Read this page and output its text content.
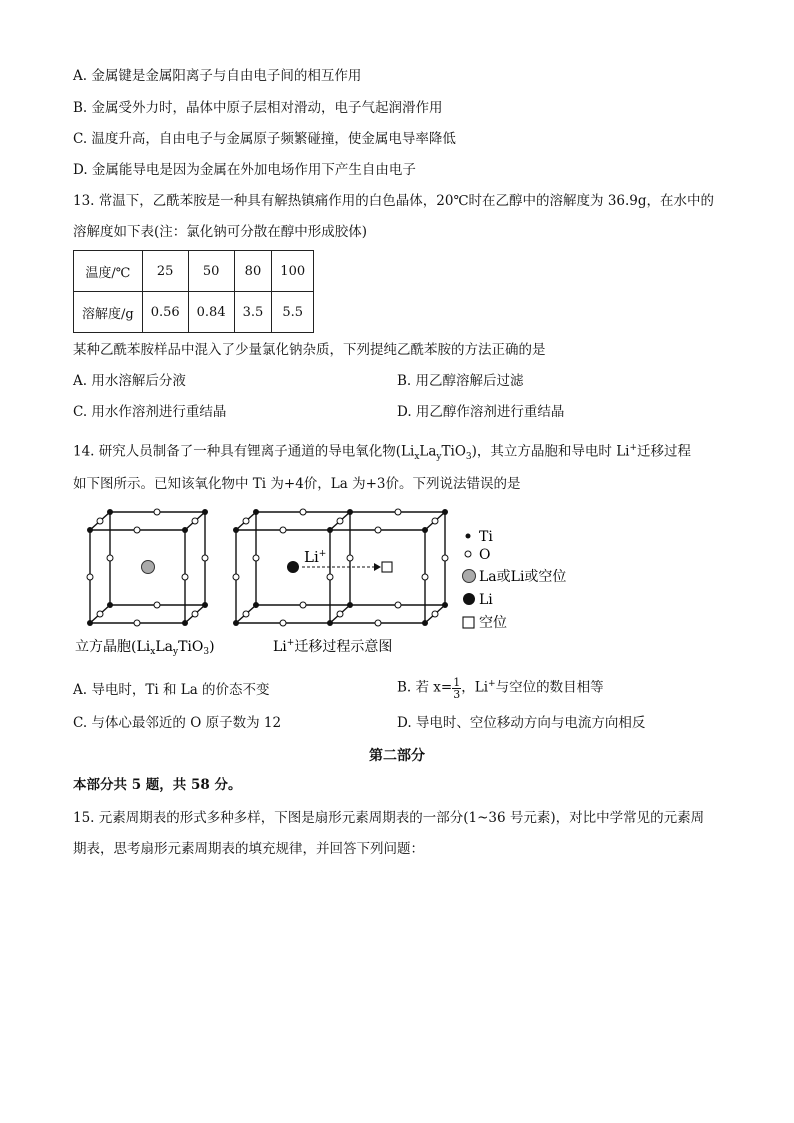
A. 金属键是金属阳离子与自由电子间的相互作用
B. 金属受外力时，晶体中原子层相对滑动，电子气起润滑作用
C. 温度升高，自由电子与金属原子频繁碰撞，使金属电导率降低
D. 金属能导电是因为金属在外加电场作用下产生自由电子
13. 常温下，乙酰苯胺是一种具有解热镇痛作用的白色晶体，20℃时在乙醇中的溶解度为 36.9g，在水中的
溶解度如下表(注：氯化钠可分散在醇中形成胶体)
温度/℃	25	50	80	100
溶解度/g	0.56	0.84	3.5	5.5
某种乙酰苯胺样品中混入了少量氯化钠杂质，下列提纯乙酰苯胺的方法正确的是
A. 用水溶解后分液	B. 用乙醇溶解后过滤
C. 用水作溶剂进行重结晶	D. 用乙醇作溶剂进行重结晶
14. 研究人员制备了一种具有锂离子通道的导电氧化物$(Li_xLa_yTiO_3)$，其立方晶胞和导电时 Li+迁移过程
如下图所示。已知该氧化物中 Ti 为+4价，La 为+3价。下列说法错误的是
Li+
Ti
O
La或Li或空位
Li
空位
立方晶胞$(Li_xLa_yTiO_3)$	Li+迁移过程示意图
A. 导电时，Ti 和 La 的价态不变	B. 若 $x= \frac{1}{3}$ ，Li+与空位的数目相等
C. 与体心最邻近的 O 原子数为 12	D. 导电时、空位移动方向与电流方向相反
第二部分
本部分共 5 题，共 58 分。
15. 元素周期表的形式多种多样，下图是扇形元素周期表的一部分(1~36 号元素)，对比中学常见的元素周
期表，思考扇形元素周期表的填充规律，并回答下列问题：
